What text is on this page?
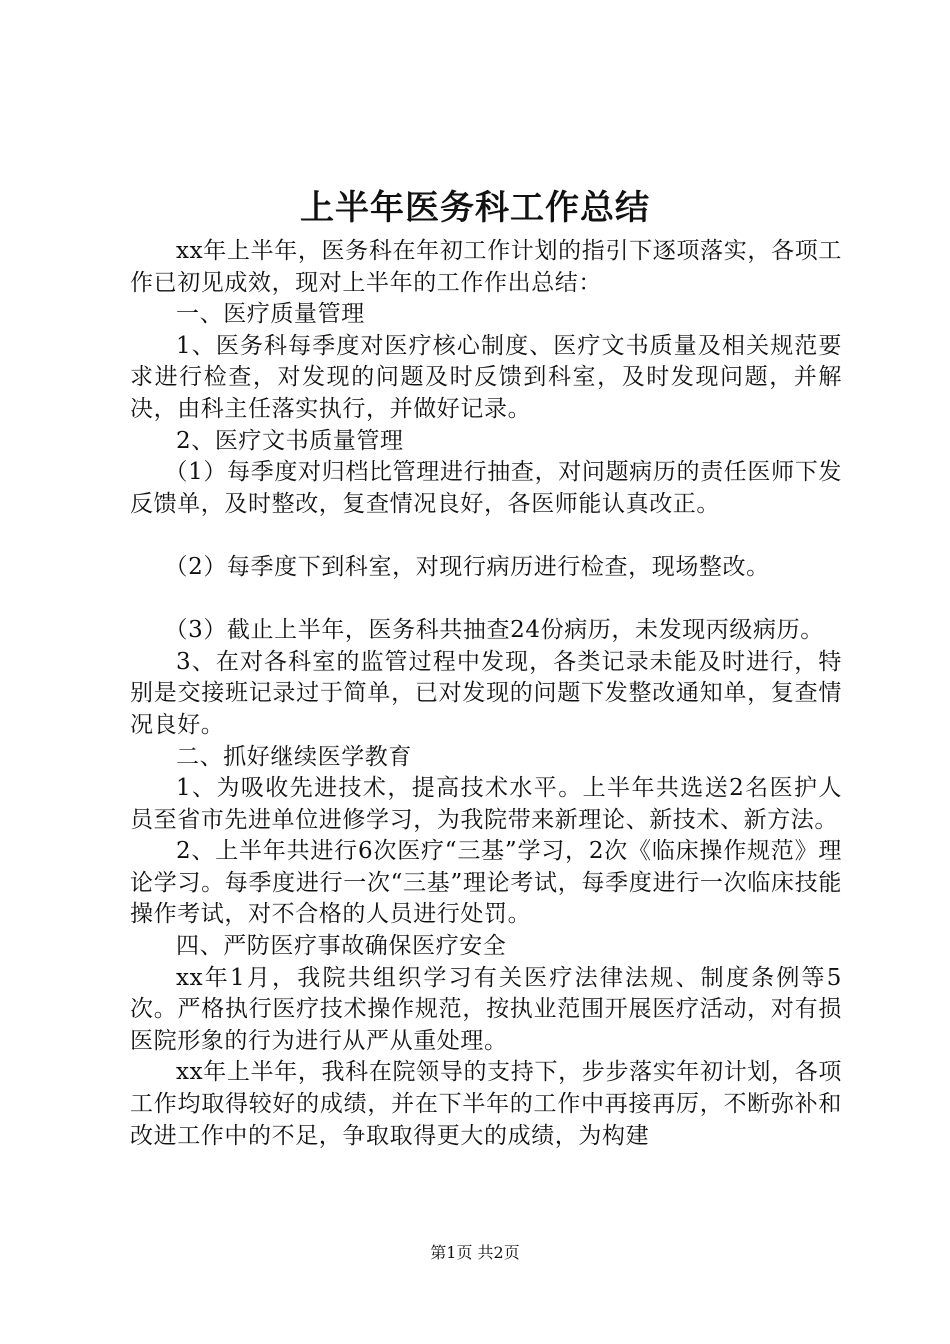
上半年医务科工作总结

xx年上半年，医务科在年初工作计划的指引下逐项落实，各项工作已初见成效，现对上半年的工作作出总结：

一、医疗质量管理

1、医务科每季度对医疗核心制度、医疗文书质量及相关规范要求进行检查，对发现的问题及时反馈到科室，及时发现问题，并解决，由科主任落实执行，并做好记录。

2、医疗文书质量管理

（1）每季度对归档比管理进行抽查，对问题病历的责任医师下发反馈单，及时整改，复查情况良好，各医师能认真改正。

（2）每季度下到科室，对现行病历进行检查，现场整改。

（3）截止上半年，医务科共抽查24份病历，未发现丙级病历。

3、在对各科室的监管过程中发现，各类记录未能及时进行，特别是交接班记录过于简单，已对发现的问题下发整改通知单，复查情况良好。

二、抓好继续医学教育

1、为吸收先进技术，提高技术水平。上半年共选送2名医护人员至省市先进单位进修学习，为我院带来新理论、新技术、新方法。

2、上半年共进行6次医疗“三基”学习，2次《临床操作规范》理论学习。每季度进行一次“三基”理论考试，每季度进行一次临床技能操作考试，对不合格的人员进行处罚。

四、严防医疗事故确保医疗安全

xx年1月，我院共组织学习有关医疗法律法规、制度条例等5次。严格执行医疗技术操作规范，按执业范围开展医疗活动，对有损医院形象的行为进行从严从重处理。

xx年上半年，我科在院领导的支持下，步步落实年初计划，各项工作均取得较好的成绩，并在下半年的工作中再接再厉，不断弥补和改进工作中的不足，争取取得更大的成绩，为构建

第1页 共2页
